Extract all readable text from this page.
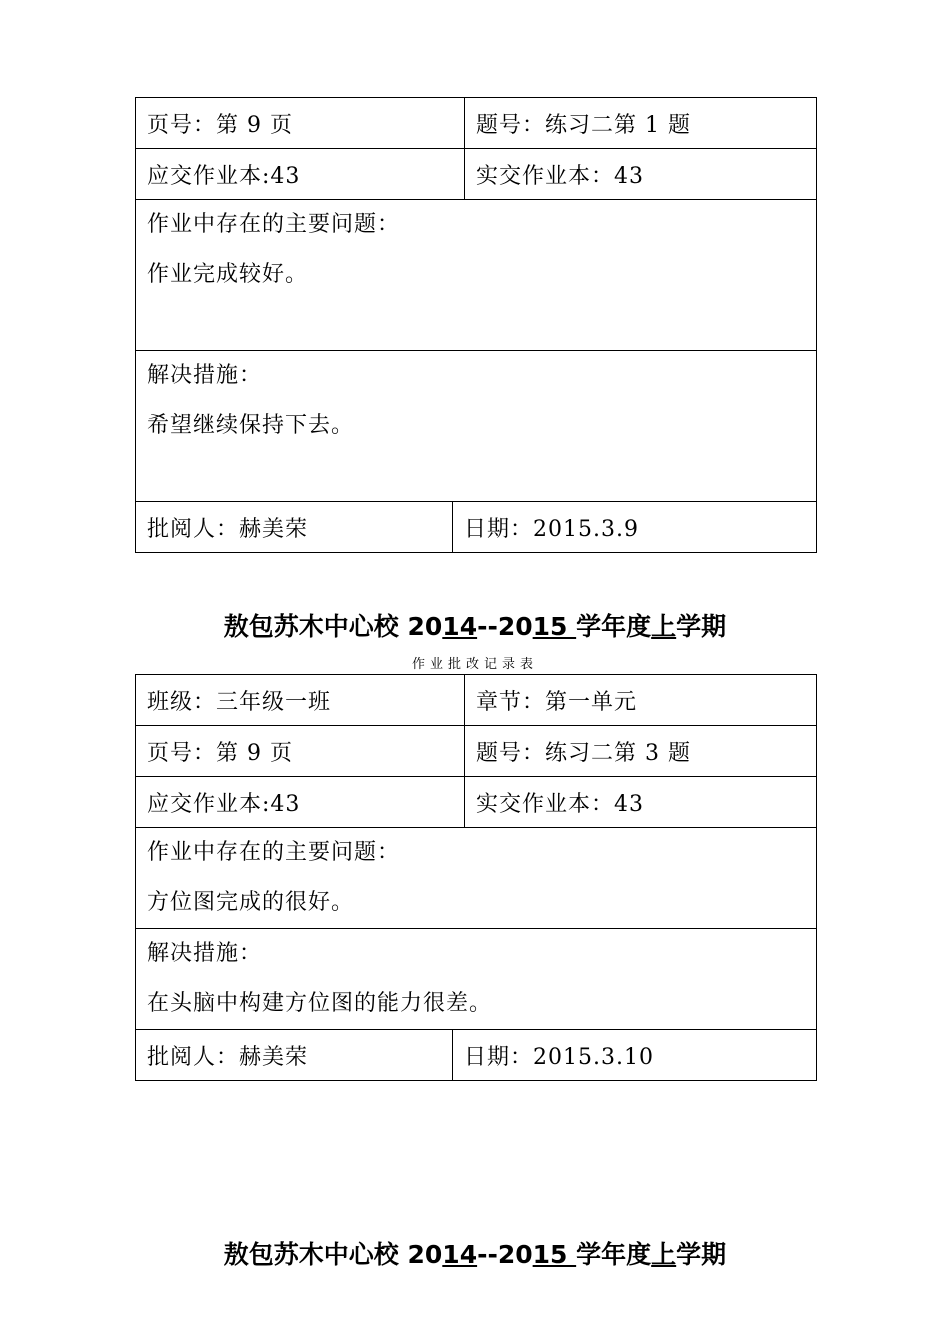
页号：第 9 页		题号：练习二第 1 题
应交作业本:43		实交作业本：43

作业中存在的主要问题：
作业完成较好。		

解决措施：
希望继续保持下去。		

批阅人：赫美荣	日期：2015.3.9	
敖包苏木中心校 2014--2015 学年度上学期
作业批改记录表
班级：三年级一班		章节：第一单元
页号：第 9 页		题号：练习二第 3 题
应交作业本:43		实交作业本：43

作业中存在的主要问题：
方位图完成的很好。		

解决措施：
在头脑中构建方位图的能力很差。		

批阅人：赫美荣	日期：2015.3.10	
敖包苏木中心校 2014--2015 学年度上学期
